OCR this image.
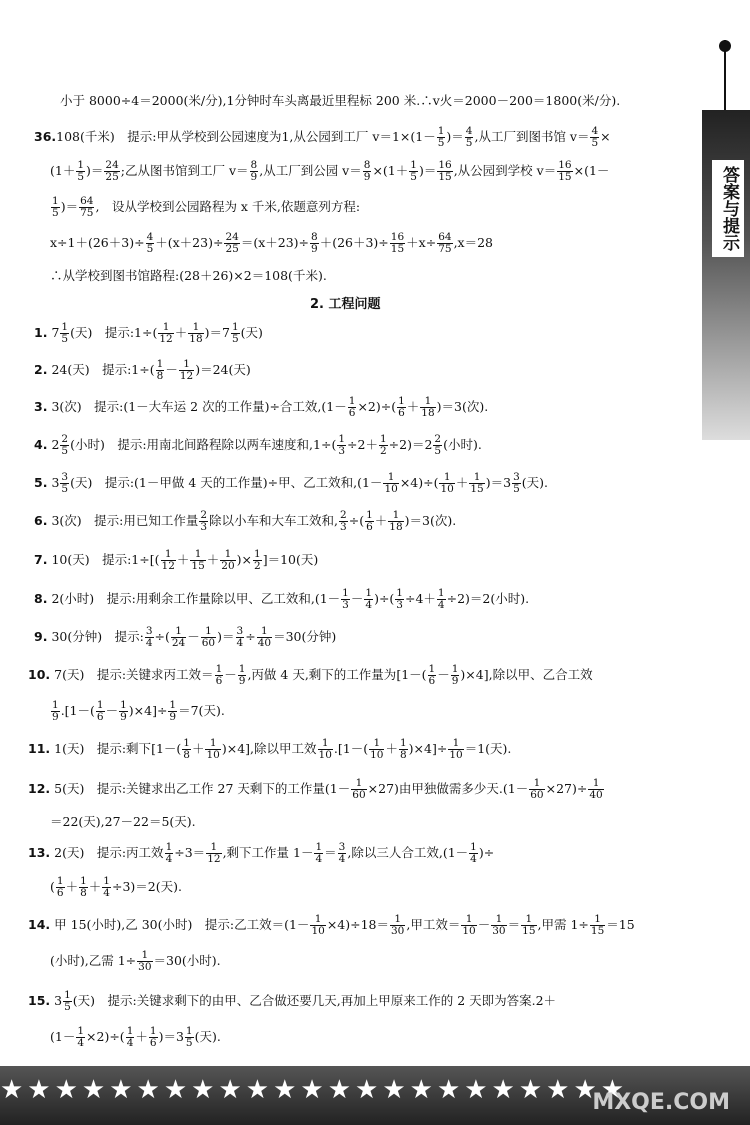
答案与提示
小于 8000÷4＝2000(米/分),1分钟时车头离最近里程标 200 米.∴v火＝2000－200＝1800(米/分).
36.108(千米)　提示:甲从学校到公园速度为1,从公园到工厂 $v=1\times(1- \frac{1}{5}$ )＝ $\frac{4}{5}$ ,从工厂到图书馆 $v= \frac{4}{5}$ ×
($1+ \frac{1}{5}$ )＝ $\frac{24}{25}$ ;乙从图书馆到工厂 $v= \frac{8}{9}$ ,从工厂到公园 $v= \frac{8}{9} \times(1+ \frac{1}{5}$ )＝ $\frac{16}{15}$ ,从公园到学校 $v= \frac{16}{15} \times(1-$
$\frac{1}{5}$ )＝ $\frac{64}{75}$ ,　设从学校到公园路程为 x 千米,依题意列方程:
$x\div 1+(26+3)\div \frac{4}{5} +(x+23)\div \frac{24}{25} =(x+23)\div \frac{8}{9} +(26+3)\div \frac{16}{15} +x\div \frac{64}{75} ,x=28$
∴从学校到图书馆路程:(28＋26)×2＝108(千米).
2. 工程问题
1. $7 \frac{1}{5}$ (天)　提示:1÷( $\frac{1}{12} + \frac{1}{18} )=7 \frac{1}{5}$ (天)
2. 24(天)　提示:1÷( $\frac{1}{8} - \frac{1}{12} )=24$(天)
3. 3(次)　提示:(1－大车运 2 次的工作量)÷合工效$,(1- \frac{1}{6} \times 2)\div( \frac{1}{6} + \frac{1}{18} )=3$(次).
4. $2 \frac{2}{5}$ (小时)　提示:用南北间路程除以两车速度和$,1\div( \frac{1}{3} \div 2+ \frac{1}{2} \div 2)=2 \frac{2}{5}$ (小时).
5. $3 \frac{3}{5}$ (天)　提示:(1－甲做 4 天的工作量)÷甲、乙工效和$,(1- \frac{1}{10} \times 4)\div( \frac{1}{10} + \frac{1}{15} )=3 \frac{3}{5}$ (天).
6. 3(次)　提示:用已知工作量 $\frac{2}{3}$ 除以小车和大车工效和, $\frac{2}{3}$ ÷( $\frac{1}{6} + \frac{1}{18} )=3$(次).
7. 10(天)　提示:1÷[( $\frac{1}{12} + \frac{1}{15} + \frac{1}{20}$ )× $\frac{1}{2} ]=10$(天)
8. 2(小时)　提示:用剩余工作量除以甲、乙工效和$,(1- \frac{1}{3} - \frac{1}{4}$ )÷( $\frac{1}{3} \div 4+ \frac{1}{4} \div 2)=2$(小时).
9. 30(分钟)　提示: $\frac{3}{4}$ ÷( $\frac{1}{24} - \frac{1}{60}$ )＝ $\frac{3}{4} \div \frac{1}{40} =30$(分钟)
10. 7(天)　提示:关键求丙工效＝ $\frac{1}{6} - \frac{1}{9}$ ,丙做 4 天,剩下的工作量为$[1-( \frac{1}{6} - \frac{1}{9} )\times 4]$,除以甲、乙合工效
$\frac{1}{9} .[1-( \frac{1}{6} - \frac{1}{9} )\times 4]\div \frac{1}{9} =7$(天).
11. 1(天)　提示:剩下$[1-( \frac{1}{8} + \frac{1}{10} )\times 4]$,除以甲工效 $\frac{1}{10} .[1-( \frac{1}{10} + \frac{1}{8} )\times 4]\div \frac{1}{10} =1$(天).
12. 5(天)　提示:关键求出乙工作 27 天剩下的工作量$(1- \frac{1}{60} \times 27)$由甲独做需多少天$.(1- \frac{1}{60} \times 27)\div \frac{1}{40}$
＝22(天),27－22＝5(天).
13. 2(天)　提示:丙工效 $\frac{1}{4} \div 3= \frac{1}{12}$ ,剩下工作量 $1- \frac{1}{4} = \frac{3}{4}$ ,除以三人合工效$,(1- \frac{1}{4}$ )÷
( $\frac{1}{6} + \frac{1}{8} + \frac{1}{4} \div 3)=2$(天).
14. 甲 15(小时),乙 30(小时)　提示:乙工效$=(1- \frac{1}{10} \times 4)\div 18= \frac{1}{30}$ ,甲工效＝ $\frac{1}{10} - \frac{1}{30} = \frac{1}{15}$ ,甲需 $1\div \frac{1}{15} =15$
(小时),乙需 $1\div \frac{1}{30} =30$(小时).
15. $3 \frac{1}{5}$ (天)　提示:关键求剩下的由甲、乙合做还要几天,再加上甲原来工作的 2 天即为答案.2＋
$(1- \frac{1}{4} \times 2)\div( \frac{1}{4} + \frac{1}{6} )=3 \frac{1}{5}$ (天).
★★★★★★★★★★★★★★★★★★★★★★★
MXQE.COM
